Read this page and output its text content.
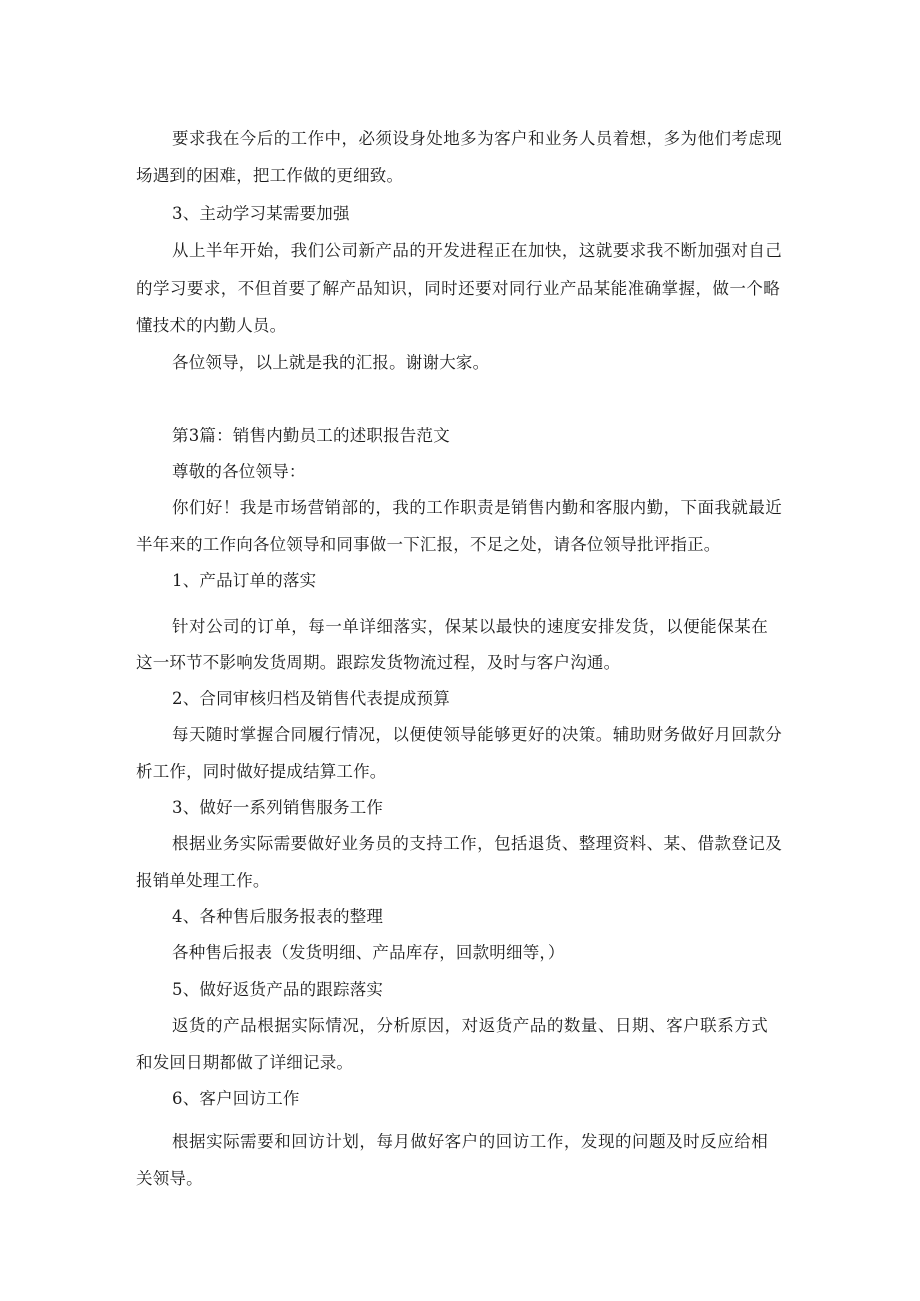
要求我在今后的工作中，必须设身处地多为客户和业务人员着想，多为他们考虑现
场遇到的困难，把工作做的更细致。
3、主动学习某需要加强
从上半年开始，我们公司新产品的开发进程正在加快，这就要求我不断加强对自己
的学习要求，不但首要了解产品知识，同时还要对同行业产品某能准确掌握，做一个略
懂技术的内勤人员。
各位领导，以上就是我的汇报。谢谢大家。
第3篇：销售内勤员工的述职报告范文
尊敬的各位领导：
你们好！我是市场营销部的，我的工作职责是销售内勤和客服内勤，下面我就最近
半年来的工作向各位领导和同事做一下汇报，不足之处，请各位领导批评指正。
1、产品订单的落实
针对公司的订单，每一单详细落实，保某以最快的速度安排发货，以便能保某在
这一环节不影响发货周期。跟踪发货物流过程，及时与客户沟通。
2、合同审核归档及销售代表提成预算
每天随时掌握合同履行情况，以便使领导能够更好的决策。辅助财务做好月回款分
析工作，同时做好提成结算工作。
3、做好一系列销售服务工作
根据业务实际需要做好业务员的支持工作，包括退货、整理资料、某、借款登记及
报销单处理工作。
4、各种售后服务报表的整理
各种售后报表（发货明细、产品库存，回款明细等，）
5、做好返货产品的跟踪落实
返货的产品根据实际情况，分析原因，对返货产品的数量、日期、客户联系方式
和发回日期都做了详细记录。
6、客户回访工作
根据实际需要和回访计划，每月做好客户的回访工作，发现的问题及时反应给相
关领导。
